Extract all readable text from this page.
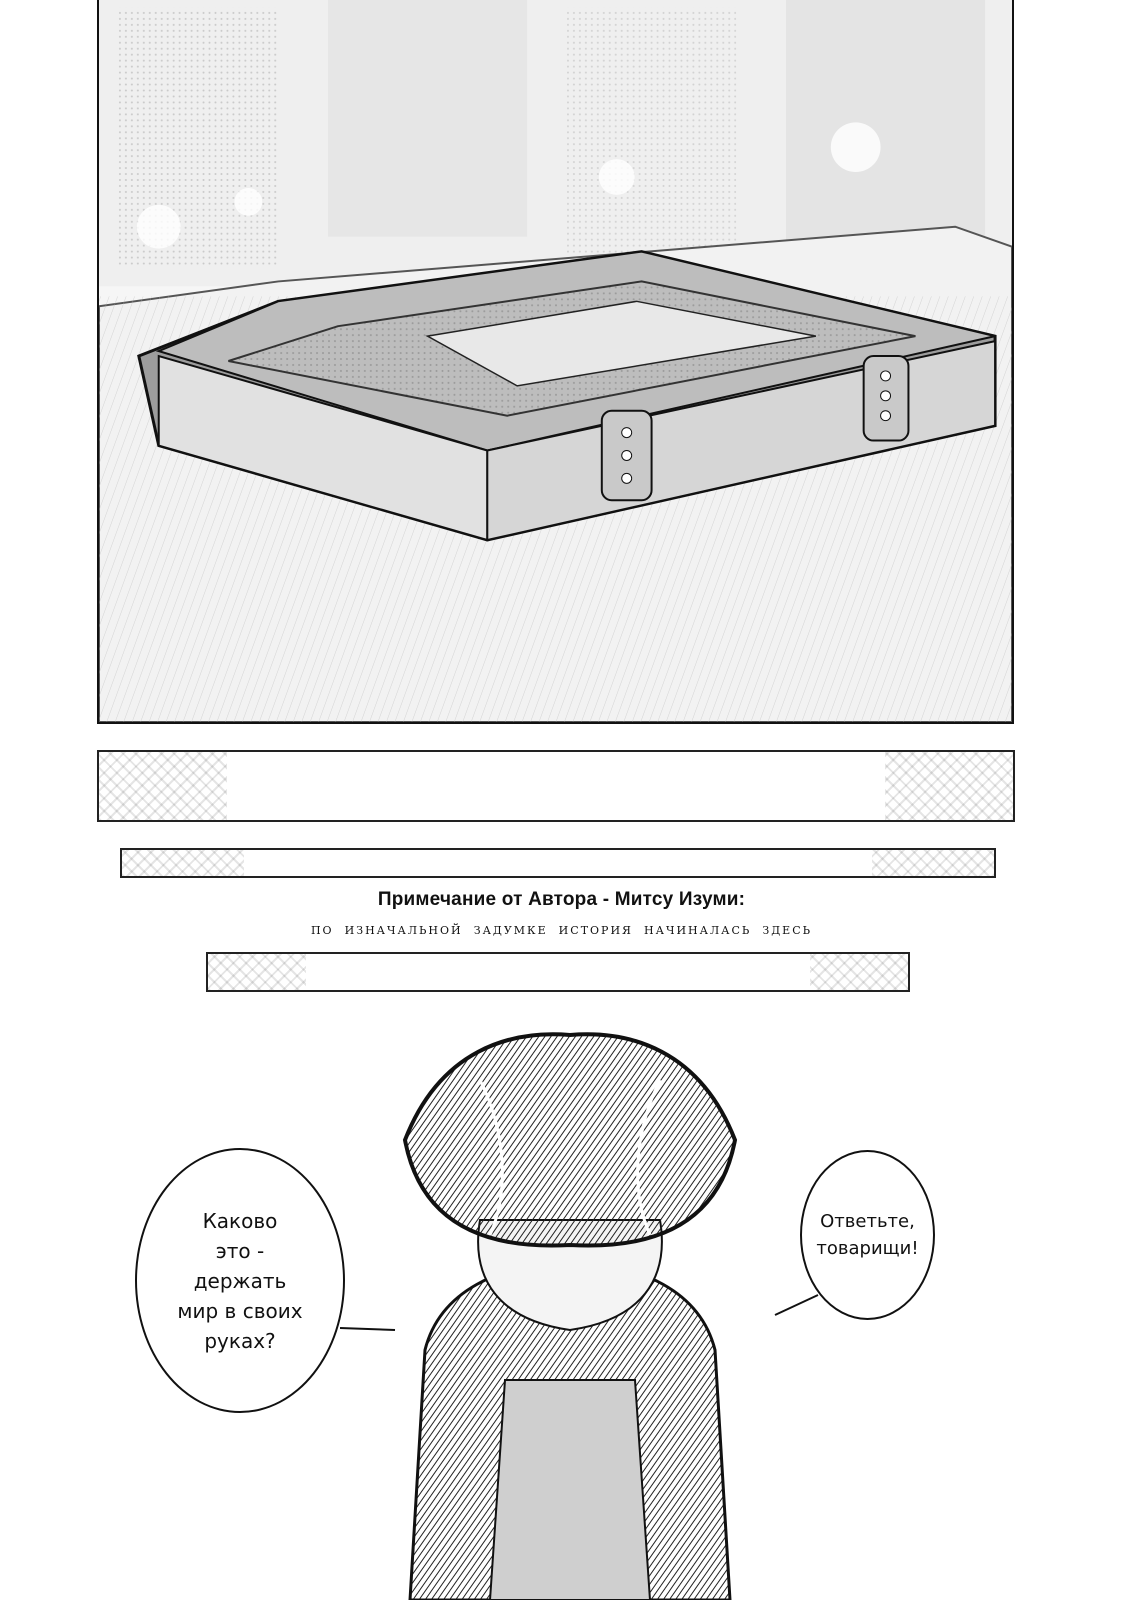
Примечание от Автора - Митсу Изуми:
по изначальной задумке история начиналась здесь
Каково
это -
держать
мир в своих
руках?
Ответьте,
товарищи!
